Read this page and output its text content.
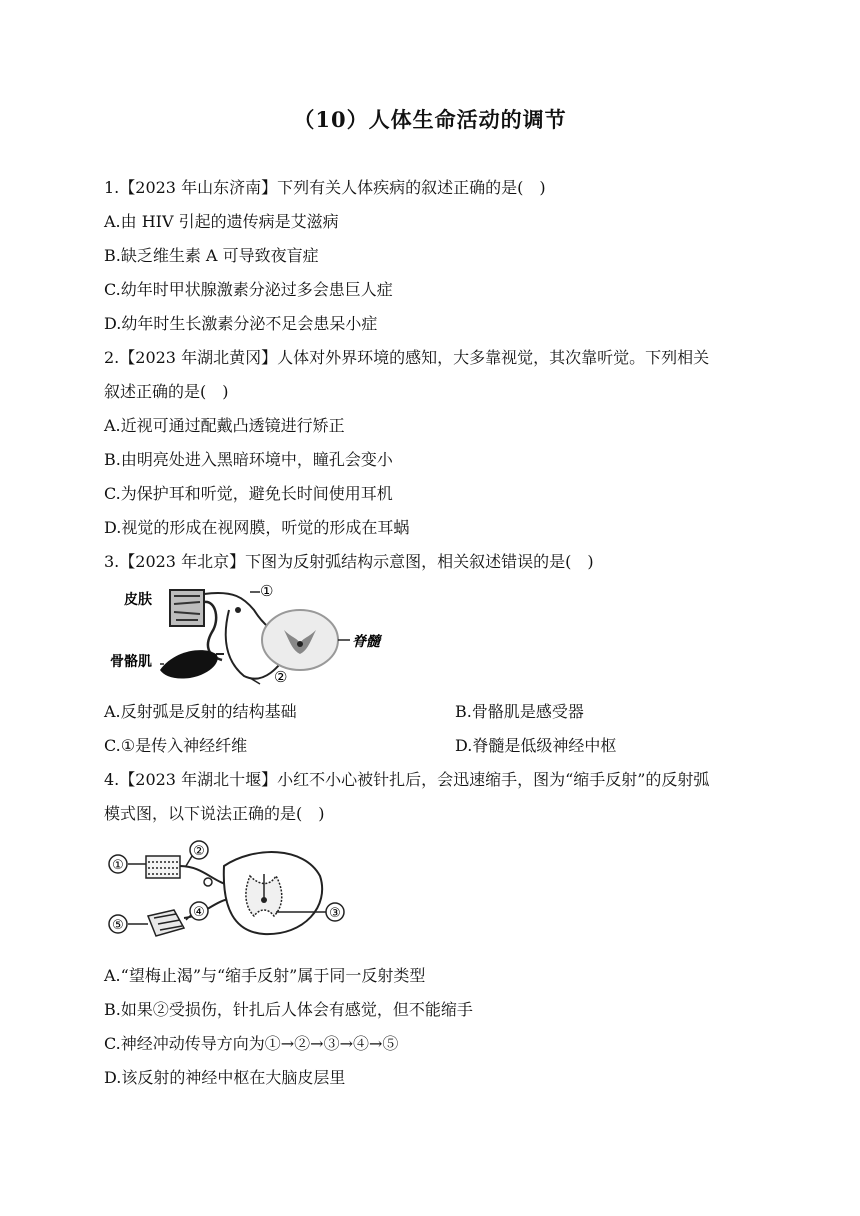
（10）人体生命活动的调节
1.【2023 年山东济南】下列有关人体疾病的叙述正确的是(　)
A.由 HIV 引起的遗传病是艾滋病
B.缺乏维生素 A 可导致夜盲症
C.幼年时甲状腺激素分泌过多会患巨人症
D.幼年时生长激素分泌不足会患呆小症
2.【2023 年湖北黄冈】人体对外界环境的感知，大多靠视觉，其次靠听觉。下列相关
叙述正确的是(　)
A.近视可通过配戴凸透镜进行矫正
B.由明亮处进入黑暗环境中，瞳孔会变小
C.为保护耳和听觉，避免长时间使用耳机
D.视觉的形成在视网膜，听觉的形成在耳蜗
3.【2023 年北京】下图为反射弧结构示意图，相关叙述错误的是(　)
皮肤
骨骼肌
脊髓
①
②
A.反射弧是反射的结构基础	B.骨骼肌是感受器
C.①是传入神经纤维	D.脊髓是低级神经中枢
4.【2023 年湖北十堰】小红不小心被针扎后，会迅速缩手，图为“缩手反射”的反射弧
模式图，以下说法正确的是(　)
①
②
③
④
⑤
A.“望梅止渴”与“缩手反射”属于同一反射类型
B.如果②受损伤，针扎后人体会有感觉，但不能缩手
C.神经冲动传导方向为①→②→③→④→⑤
D.该反射的神经中枢在大脑皮层里
